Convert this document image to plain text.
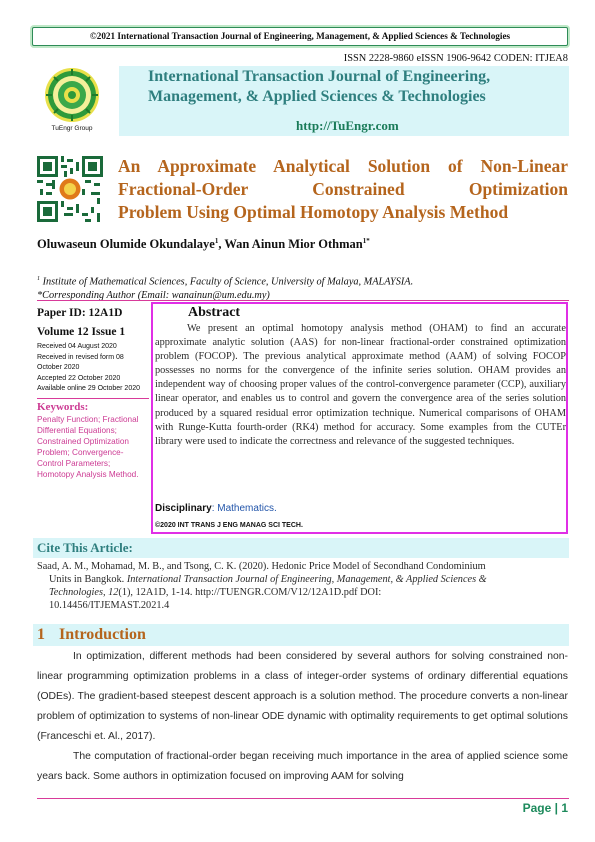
©2021 International Transaction Journal of Engineering, Management, & Applied Sciences & Technologies
ISSN 2228-9860 eISSN 1906-9642 CODEN: ITJEA8
TuEngr Group
International Transaction Journal of Engineering,
Management, & Applied Sciences & Technologies
http://TuEngr.com
An Approximate Analytical Solution of Non-Linear
Fractional-Order Constrained Optimization
Problem Using Optimal Homotopy Analysis Method
Oluwaseun Olumide Okundalaye$^1$, Wan Ainun Mior Othman$^{1*}$
$^1$ Institute of Mathematical Sciences, Faculty of Science, University of Malaya, MALAYSIA.
*Corresponding Author (Email: wanainun@um.edu.my)
Paper ID: 12A1D
Volume 12 Issue 1
Received 04 August 2020
Received in revised form 08 October 2020
Accepted 22 October 2020
Available online 29 October 2020
Keywords:
Penalty Function; Fractional Differential Equations; Constrained Optimization Problem; Convergence-Control Parameters; Homotopy Analysis Method.
Abstract
We present an optimal homotopy analysis method (OHAM) to find an accurate approximate analytic solution (AAS) for non-linear fractional-order constrained optimization problem (FOCOP). The previous analytical approximate method (AAM) of solving FOCOP possesses no norms for the convergence of the infinite series solution. OHAM provides an independent way of choosing proper values of the control-convergence parameter (CCP), auxiliary linear operator, and enables us to control and govern the convergence area of the series solution produced by a squared residual error optimization technique. Numerical comparisons of OHAM with Runge-Kutta fourth-order (RK4) method for accuracy. Some examples from the CUTEr library were used to indicate the correctness and relevance of the suggested techniques.
Disciplinary: Mathematics.
©2020 INT TRANS J ENG MANAG SCI TECH.
Cite This Article:
Saad, A. M., Mohamad, M. B., and Tsong, C. K. (2020). Hedonic Price Model of Secondhand Condominium
Units in Bangkok. International Transaction Journal of Engineering, Management, & Applied Sciences &
Technologies, 12(1), 12A1D, 1-14. http://TUENGR.COM/V12/12A1D.pdf DOI:
10.14456/ITJEMAST.2021.4
1 Introduction

In optimization, different methods had been considered by several authors for solving constrained non-linear programming optimization problems in a class of integer-order systems of ordinary differential equations (ODEs). The gradient-based steepest descent approach is a solution method. The procedure converts a non-linear problem of optimization to systems of non-linear ODE dynamic with optimality requirements to get optimal solutions (Franceschi et. Al., 2017).

The computation of fractional-order began receiving much importance in the area of applied science some years back. Some authors in optimization focused on improving AAM for solving

Page | 1
